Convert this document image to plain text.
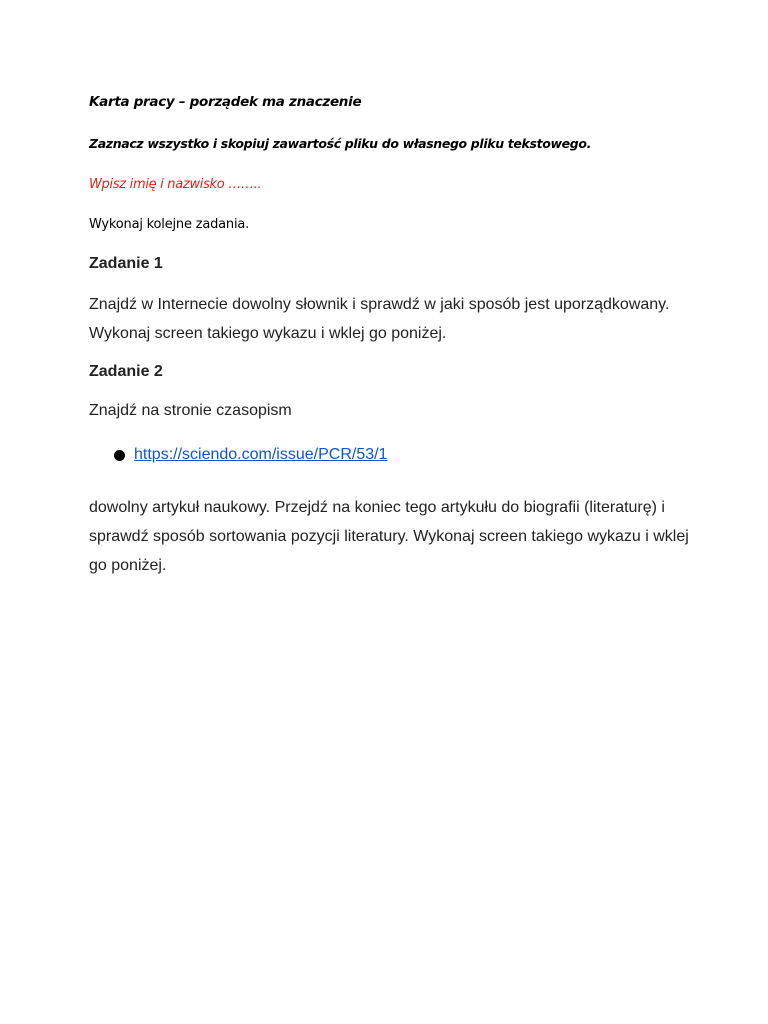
Karta pracy – porządek ma znaczenie

Zaznacz wszystko i skopiuj zawartość pliku do własnego pliku tekstowego.

Wpisz imię i nazwisko ……..

Wykonaj kolejne zadania.

Zadanie 1

Znajdź w Internecie dowolny słownik i sprawdź w jaki sposób jest uporządkowany. Wykonaj screen takiego wykazu i wklej go poniżej.

Zadanie 2

Znajdź na stronie czasopism

https://sciendo.com/issue/PCR/53/1

dowolny artykuł naukowy. Przejdź na koniec tego artykułu do biografii (literaturę) i sprawdź sposób sortowania pozycji literatury. Wykonaj screen takiego wykazu i wklej go poniżej.
